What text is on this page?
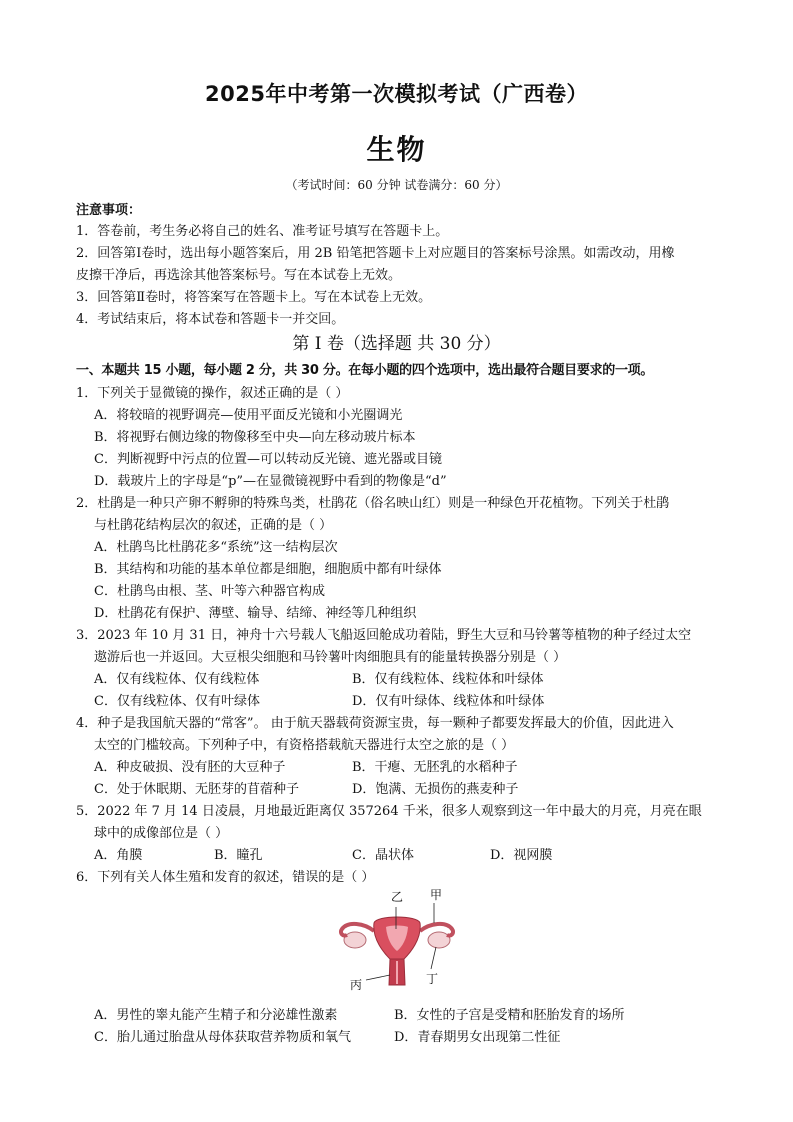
2025年中考第一次模拟考试（广西卷）
生物
（考试时间：60 分钟 试卷满分：60 分）
注意事项：
1．答卷前，考生务必将自己的姓名、准考证号填写在答题卡上。
2．回答第Ⅰ卷时，选出每小题答案后，用 2B 铅笔把答题卡上对应题目的答案标号涂黑。如需改动，用橡
皮擦干净后，再选涂其他答案标号。写在本试卷上无效。
3．回答第Ⅱ卷时，将答案写在答题卡上。写在本试卷上无效。
4．考试结束后，将本试卷和答题卡一并交回。
第 I 卷（选择题 共 30 分）
一、本题共 15 小题，每小题 2 分，共 30 分。在每小题的四个选项中，选出最符合题目要求的一项。
1．下列关于显微镜的操作，叙述正确的是（ ）
A．将较暗的视野调亮—使用平面反光镜和小光圈调光
B．将视野右侧边缘的物像移至中央—向左移动玻片标本
C．判断视野中污点的位置—可以转动反光镜、遮光器或目镜
D．载玻片上的字母是“p”—在显微镜视野中看到的物像是“d”
2．杜鹃是一种只产卵不孵卵的特殊鸟类，杜鹃花（俗名映山红）则是一种绿色开花植物。下列关于杜鹃
与杜鹃花结构层次的叙述，正确的是（ ）
A．杜鹃鸟比杜鹃花多“系统”这一结构层次
B．其结构和功能的基本单位都是细胞，细胞质中都有叶绿体
C．杜鹃鸟由根、茎、叶等六种器官构成
D．杜鹃花有保护、薄壁、输导、结缔、神经等几种组织
3．2023 年 10 月 31 日，神舟十六号载人飞船返回舱成功着陆，野生大豆和马铃薯等植物的种子经过太空
遨游后也一并返回。大豆根尖细胞和马铃薯叶肉细胞具有的能量转换器分别是（ ）
A．仅有线粒体、仅有线粒体	B．仅有线粒体、线粒体和叶绿体
C．仅有线粒体、仅有叶绿体	D．仅有叶绿体、线粒体和叶绿体
4．种子是我国航天器的“常客”。 由于航天器载荷资源宝贵，每一颗种子都要发挥最大的价值，因此进入
太空的门槛较高。下列种子中，有资格搭载航天器进行太空之旅的是（ ）
A．种皮破损、没有胚的大豆种子	B．干瘪、无胚乳的水稻种子
C．处于休眠期、无胚芽的苜蓿种子	D．饱满、无损伤的燕麦种子
5．2022 年 7 月 14 日凌晨，月地最近距离仅 357264 千米，很多人观察到这一年中最大的月亮，月亮在眼
球中的成像部位是（ ）
A．角膜	B．瞳孔	C．晶状体	D．视网膜
6．下列有关人体生殖和发育的叙述，错误的是（ ）
乙 甲
丙	丁
A．男性的睾丸能产生精子和分泌雄性激素	B．女性的子宫是受精和胚胎发育的场所
C．胎儿通过胎盘从母体获取营养物质和氧气	D．青春期男女出现第二性征
